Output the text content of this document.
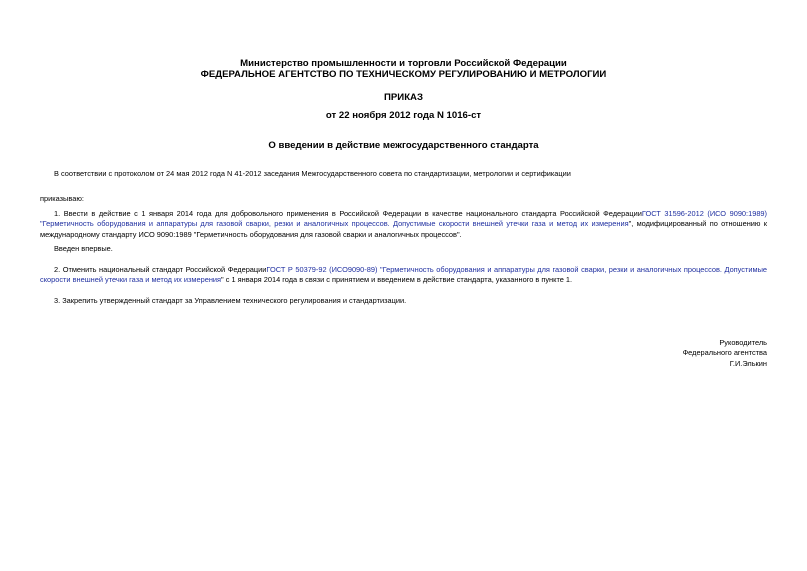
Министерство промышленности и торговли Российской Федерации

ФЕДЕРАЛЬНОЕ АГЕНТСТВО ПО ТЕХНИЧЕСКОМУ РЕГУЛИРОВАНИЮ И МЕТРОЛОГИИ

ПРИКАЗ

от 22 ноября 2012 года N 1016-ст

О введении в действие межгосударственного стандарта

В соответствии с протоколом от 24 мая 2012 года N 41-2012 заседания Межгосударственного совета по стандартизации, метрологии и сертификации

приказываю:

1. Ввести в действие с 1 января 2014 года для добровольного применения в Российской Федерации в качестве национального стандарта Российской ФедерацииГОСТ 31596-2012 (ИСО 9090:1989) "Герметичность оборудования и аппаратуры для газовой сварки, резки и аналогичных процессов. Допустимые скорости внешней утечки газа и метод их измерения", модифицированный по отношению к международному стандарту ИСО 9090:1989 "Герметичность оборудования для газовой сварки и аналогичных процессов".

Введен впервые.

2. Отменить национальный стандарт Российской ФедерацииГОСТ Р 50379-92 (ИСО9090-89) "Герметичность оборудования и аппаратуры для газовой сварки, резки и аналогичных процессов. Допустимые скорости внешней утечки газа и метод их измерения" с 1 января 2014 года в связи с принятием и введением в действие стандарта, указанного в пункте 1.

3. Закрепить утвержденный стандарт за Управлением технического регулирования и стандартизации.

Руководитель

Федерального агентства

Г.И.Элькин
